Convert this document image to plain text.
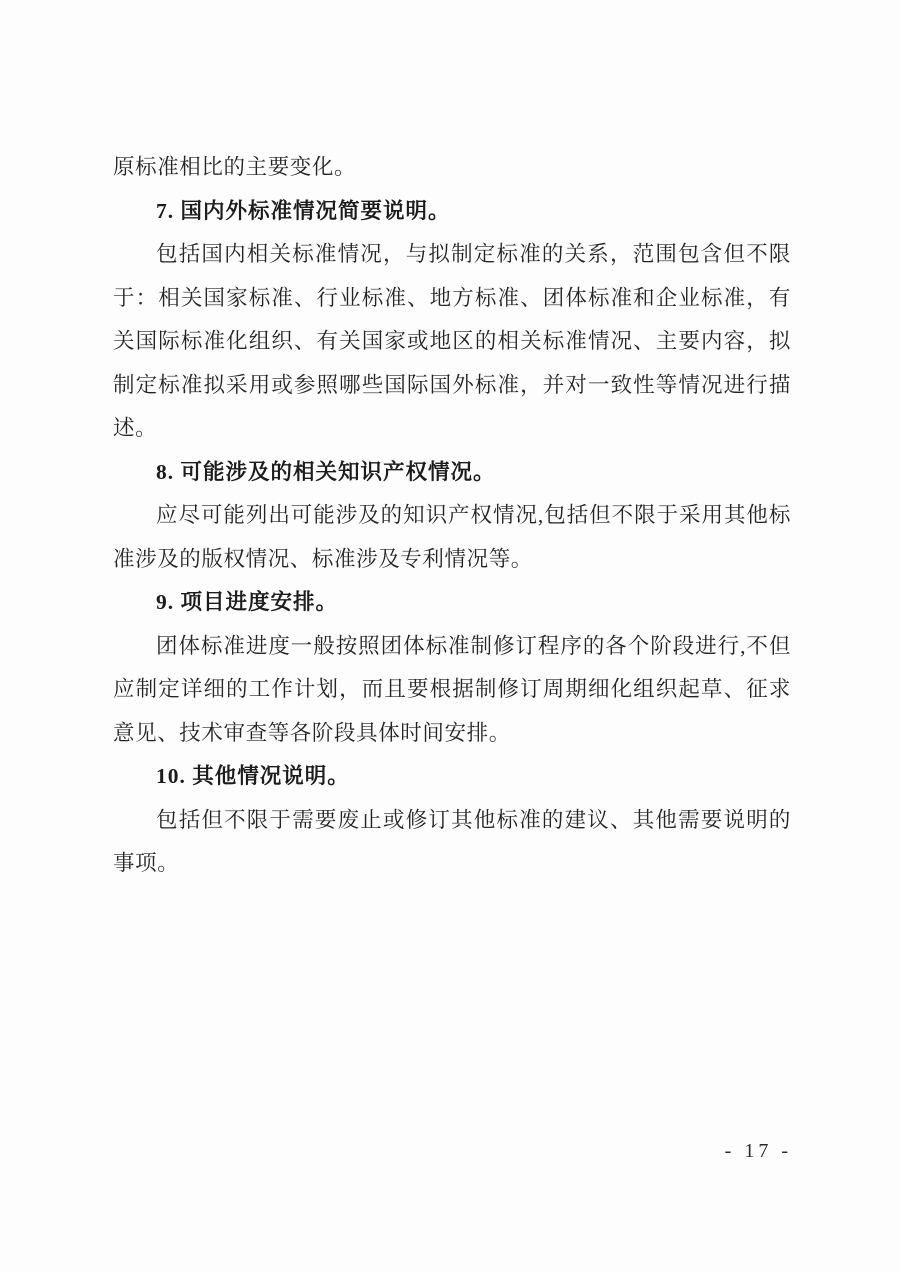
原标准相比的主要变化。

7. 国内外标准情况简要说明。

包括国内相关标准情况，与拟制定标准的关系，范围包含但不限于：相关国家标准、行业标准、地方标准、团体标准和企业标准，有关国际标准化组织、有关国家或地区的相关标准情况、主要内容，拟制定标准拟采用或参照哪些国际国外标准，并对一致性等情况进行描述。

8. 可能涉及的相关知识产权情况。

应尽可能列出可能涉及的知识产权情况,包括但不限于采用其他标准涉及的版权情况、标准涉及专利情况等。

9. 项目进度安排。

团体标准进度一般按照团体标准制修订程序的各个阶段进行,不但应制定详细的工作计划，而且要根据制修订周期细化组织起草、征求意见、技术审查等各阶段具体时间安排。

10. 其他情况说明。

包括但不限于需要废止或修订其他标准的建议、其他需要说明的事项。

- 17 -
